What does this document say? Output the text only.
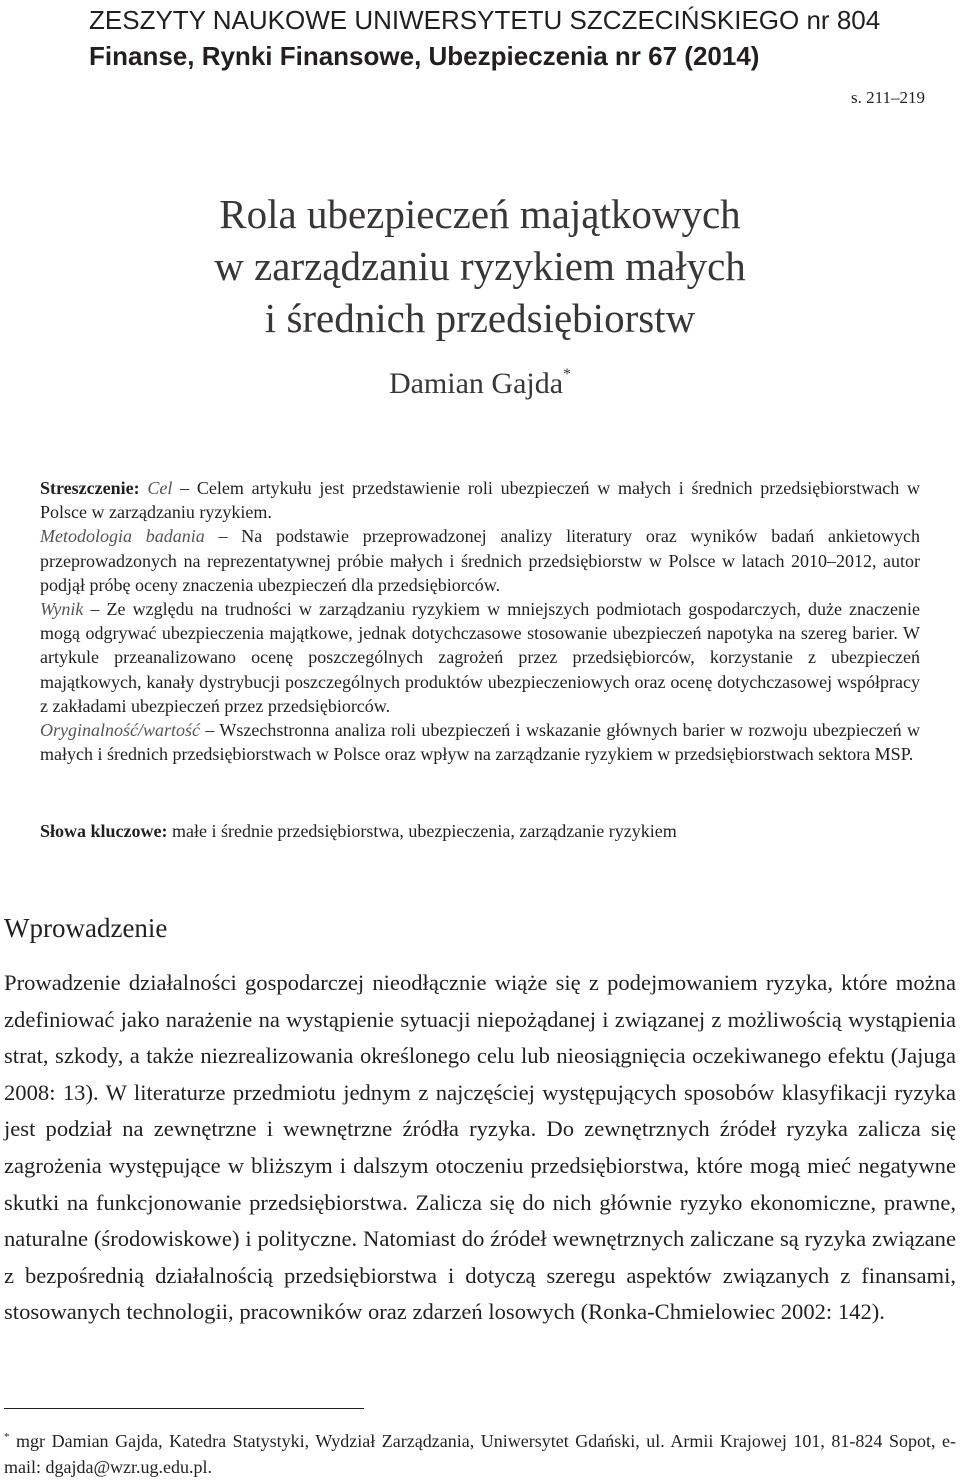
ZESZYTY NAUKOWE UNIWERSYTETU SZCZECIŃSKIEGO nr 804
Finanse, Rynki Finansowe, Ubezpieczenia nr 67 (2014)
s. 211–219
Rola ubezpieczeń majątkowych
w zarządzaniu ryzykiem małych
i średnich przedsiębiorstw
Damian Gajda*

Streszczenie: Cel – Celem artykułu jest przedstawienie roli ubezpieczeń w małych i średnich przedsiębiorstwach w Polsce w zarządzaniu ryzykiem.

Metodologia badania – Na podstawie przeprowadzonej analizy literatury oraz wyników badań ankietowych przeprowadzonych na reprezentatywnej próbie małych i średnich przedsiębiorstw w Polsce w latach 2010–2012, autor podjął próbę oceny znaczenia ubezpieczeń dla przedsiębiorców.

Wynik – Ze względu na trudności w zarządzaniu ryzykiem w mniejszych podmiotach gospodarczych, duże znaczenie mogą odgrywać ubezpieczenia majątkowe, jednak dotychczasowe stosowanie ubezpieczeń napotyka na szereg barier. W artykule przeanalizowano ocenę poszczególnych zagrożeń przez przedsiębiorców, korzystanie z ubezpieczeń majątkowych, kanały dystrybucji poszczególnych produktów ubezpieczeniowych oraz ocenę dotychczasowej współpracy z zakładami ubezpieczeń przez przedsiębiorców.

Oryginalność/wartość – Wszechstronna analiza roli ubezpieczeń i wskazanie głównych barier w rozwoju ubezpieczeń w małych i średnich przedsiębiorstwach w Polsce oraz wpływ na zarządzanie ryzykiem w przedsiębiorstwach sektora MSP.

Słowa kluczowe: małe i średnie przedsiębiorstwa, ubezpieczenia, zarządzanie ryzykiem
Wprowadzenie

Prowadzenie działalności gospodarczej nieodłącznie wiąże się z podejmowaniem ryzyka, które można zdefiniować jako narażenie na wystąpienie sytuacji niepożądanej i związanej z możliwością wystąpienia strat, szkody, a także niezrealizowania określonego celu lub nieosiągnięcia oczekiwanego efektu (Jajuga 2008: 13). W literaturze przedmiotu jednym z najczęściej występujących sposobów klasyfikacji ryzyka jest podział na zewnętrzne i wewnętrzne źródła ryzyka. Do zewnętrznych źródeł ryzyka zalicza się zagrożenia występujące w bliższym i dalszym otoczeniu przedsiębiorstwa, które mogą mieć negatywne skutki na funkcjonowanie przedsiębiorstwa. Zalicza się do nich głównie ryzyko ekonomiczne, prawne, naturalne (środowiskowe) i polityczne. Natomiast do źródeł wewnętrznych zaliczane są ryzyka związane z bezpośrednią działalnością przedsiębiorstwa i dotyczą szeregu aspektów związanych z finansami, stosowanych technologii, pracowników oraz zdarzeń losowych (Ronka-Chmielowiec 2002: 142).

* mgr Damian Gajda, Katedra Statystyki, Wydział Zarządzania, Uniwersytet Gdański, ul. Armii Krajowej 101, 81-824 Sopot, e-mail: dgajda@wzr.ug.edu.pl.
